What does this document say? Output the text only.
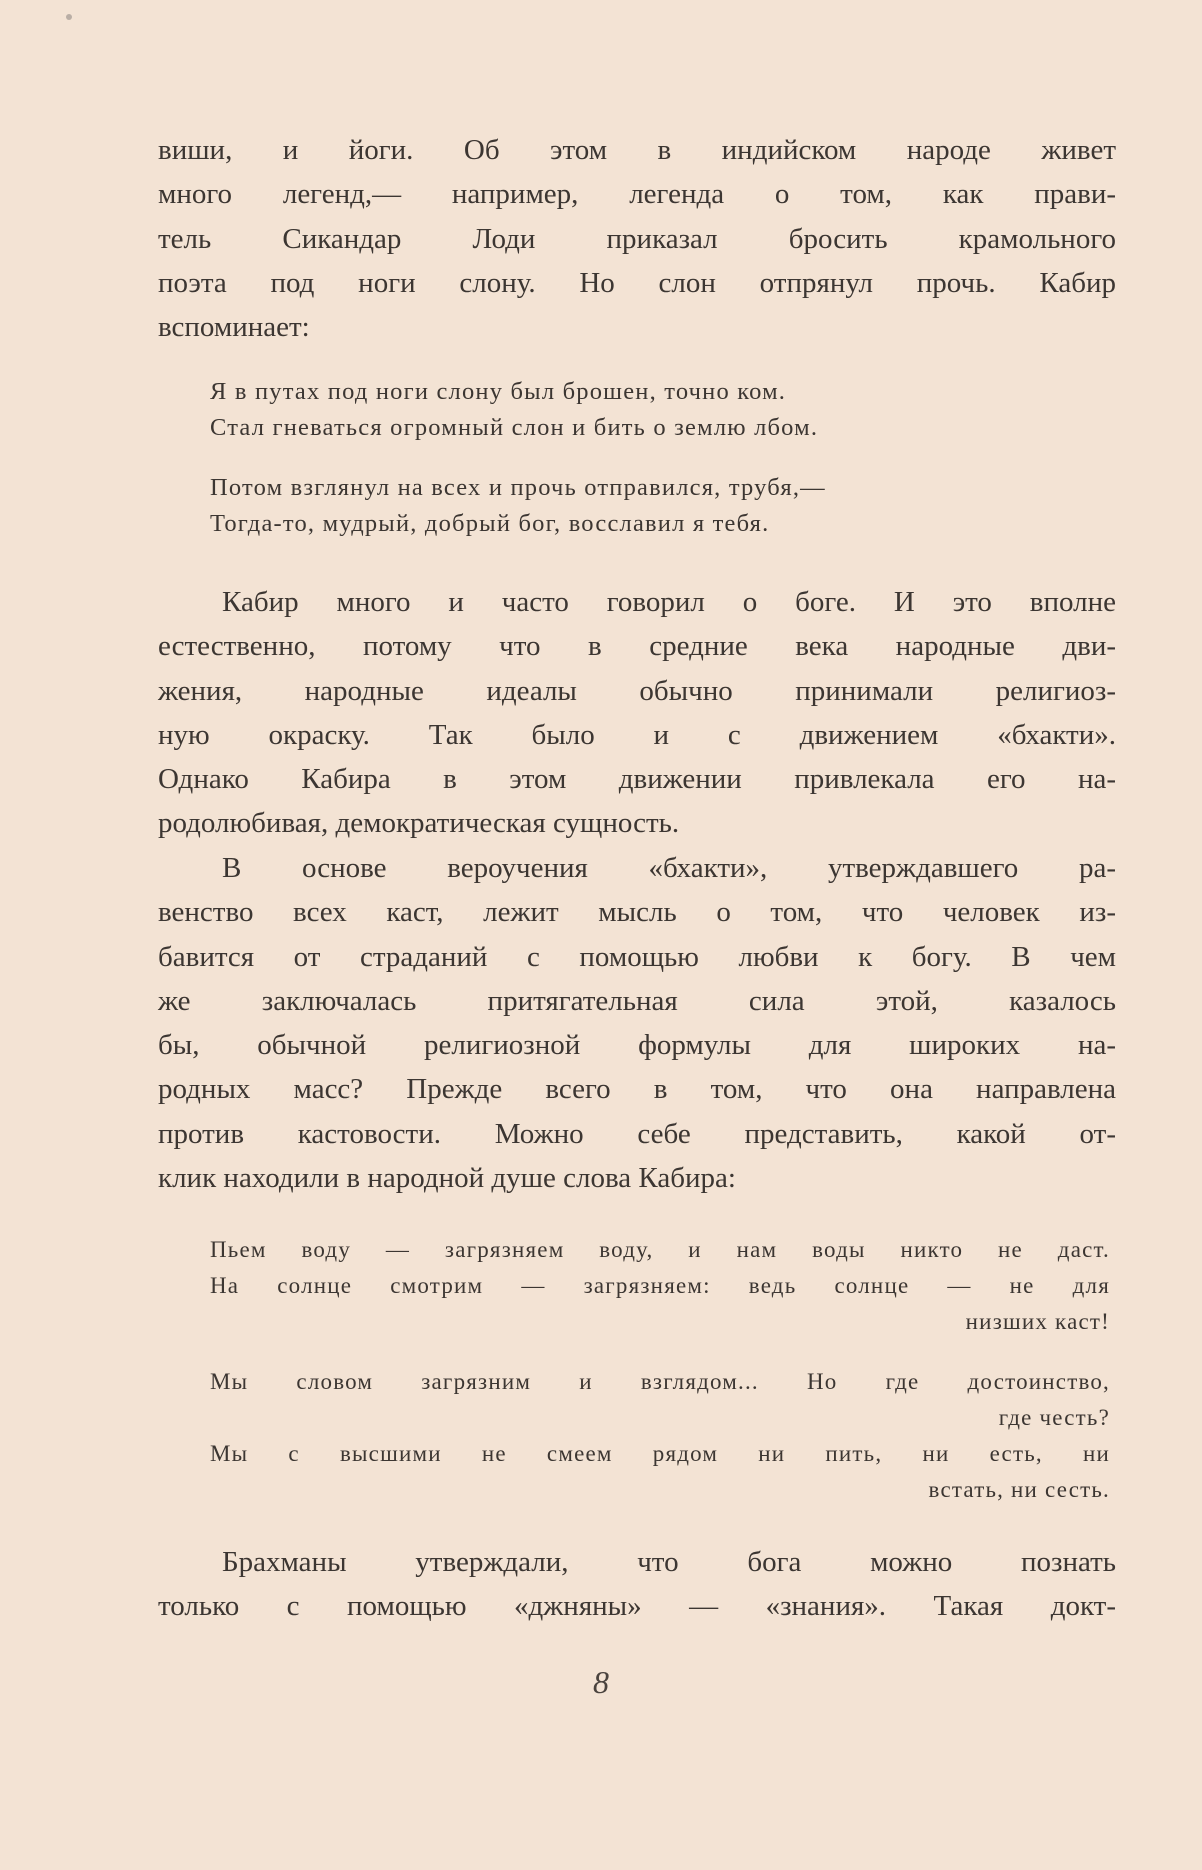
виши, и йоги. Об этом в индийском народе живет
много легенд,— например, легенда о том, как прави-
тель Сикандар Лоди приказал бросить крамольного
поэта под ноги слону. Но слон отпрянул прочь. Кабир
вспоминает:

Я в путах под ноги слону был брошен, точно ком.
Стал гневаться огромный слон и бить о землю лбом.
Потом взглянул на всех и прочь отправился, трубя,—
Тогда-то, мудрый, добрый бог, восславил я тебя.

Кабир много и часто говорил о боге. И это вполне
естественно, потому что в средние века народные дви-
жения, народные идеалы обычно принимали религиоз-
ную окраску. Так было и с движением «бхакти».
Однако Кабира в этом движении привлекала его на-
родолюбивая, демократическая сущность.

В основе вероучения «бхакти», утверждавшего ра-
венство всех каст, лежит мысль о том, что человек из-
бавится от страданий с помощью любви к богу. В чем
же заключалась притягательная сила этой, казалось
бы, обычной религиозной формулы для широких на-
родных масс? Прежде всего в том, что она направлена
против кастовости. Можно себе представить, какой от-
клик находили в народной душе слова Кабира:

Пьем воду — загрязняем воду, и нам воды никто не даст.
На солнце смотрим — загрязняем: ведь солнце — не для
низших каст!
Мы словом загрязним и взглядом... Но где достоинство,
где честь?
Мы с высшими не смеем рядом ни пить, ни есть, ни
встать, ни сесть.

Брахманы утверждали, что бога можно познать
только с помощью «джняны» — «знания». Такая докт-

8
